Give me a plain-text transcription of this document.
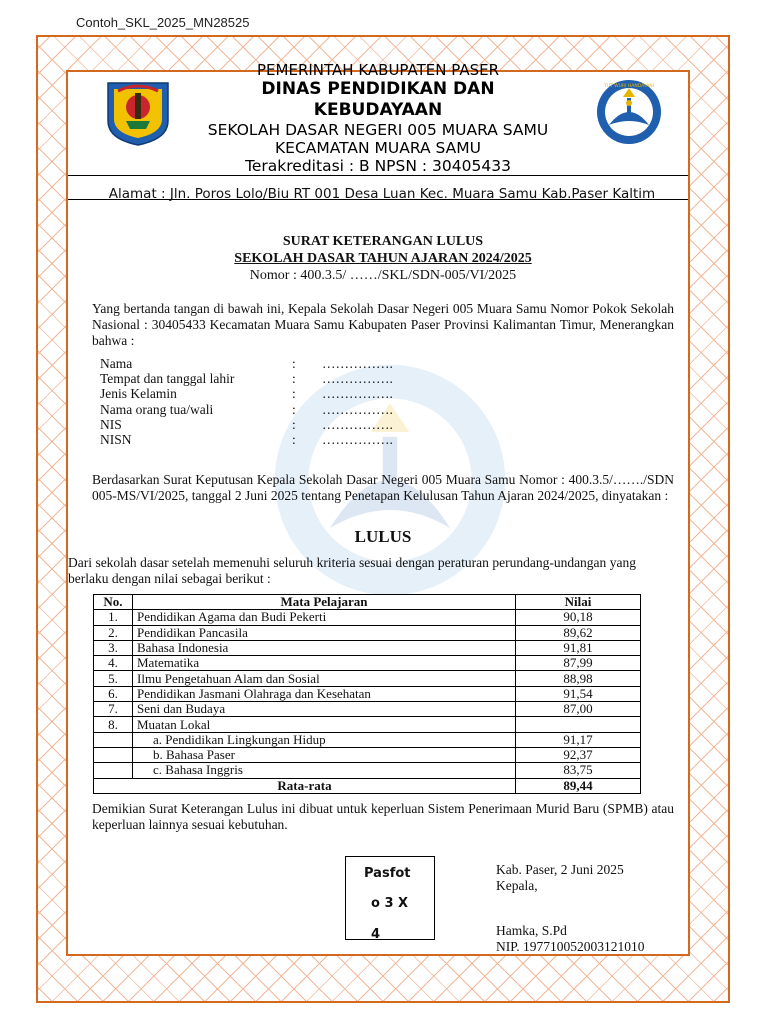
Contoh_SKL_2025_MN28525
TUT WURI HANDAYANI
PEMERINTAH KABUPATEN PASER
DINAS PENDIDIKAN DAN KEBUDAYAAN
SEKOLAH DASAR NEGERI 005 MUARA SAMU
KECAMATAN MUARA SAMU
Terakreditasi : B NPSN : 30405433
Alamat : Jln. Poros Lolo/Biu RT 001 Desa Luan Kec. Muara Samu Kab.Paser Kaltim
SURAT KETERANGAN LULUS
SEKOLAH DASAR TAHUN AJARAN 2024/2025
Nomor : 400.3.5/ ……/SKL/SDN-005/VI/2025
Yang bertanda tangan di bawah ini, Kepala Sekolah Dasar Negeri 005 Muara Samu Nomor Pokok Sekolah Nasional : 30405433 Kecamatan Muara Samu Kabupaten Paser Provinsi Kalimantan Timur, Menerangkan bahwa :
Nama	:	…………….
Tempat dan tanggal lahir	:	…………….
Jenis Kelamin	:	…………….
Nama orang tua/wali	:	…………….
NIS	:	…………….
NISN	:	…………….
Berdasarkan Surat Keputusan Kepala Sekolah Dasar Negeri 005 Muara Samu Nomor : 400.3.5/……./SDN 005-MS/VI/2025, tanggal 2 Juni 2025 tentang Penetapan Kelulusan Tahun Ajaran 2024/2025, dinyatakan :
LULUS
Dari sekolah dasar setelah memenuhi seluruh kriteria sesuai dengan peraturan perundang-undangan yang berlaku dengan nilai sebagai berikut :
No.	Mata Pelajaran	Nilai
1.	Pendidikan Agama dan Budi Pekerti	90,18
2.	Pendidikan Pancasila	89,62
3.	Bahasa Indonesia	91,81
4.	Matematika	87,99
5.	Ilmu Pengetahuan Alam dan Sosial	88,98
6.	Pendidikan Jasmani Olahraga dan Kesehatan	91,54
7.	Seni dan Budaya	87,00
8.	Muatan Lokal	
	a. Pendidikan Lingkungan Hidup	91,17
	b. Bahasa Paser	92,37
	c. Bahasa Inggris	83,75
Rata-rata		89,44
Demikian Surat Keterangan Lulus ini dibuat untuk keperluan Sistem Penerimaan Murid Baru (SPMB) atau keperluan lainnya sesuai kebutuhan.
Pasfot
o 3 X
4
Kab. Paser, 2 Juni 2025
Kepala,
Hamka, S.Pd
NIP. 197710052003121010
